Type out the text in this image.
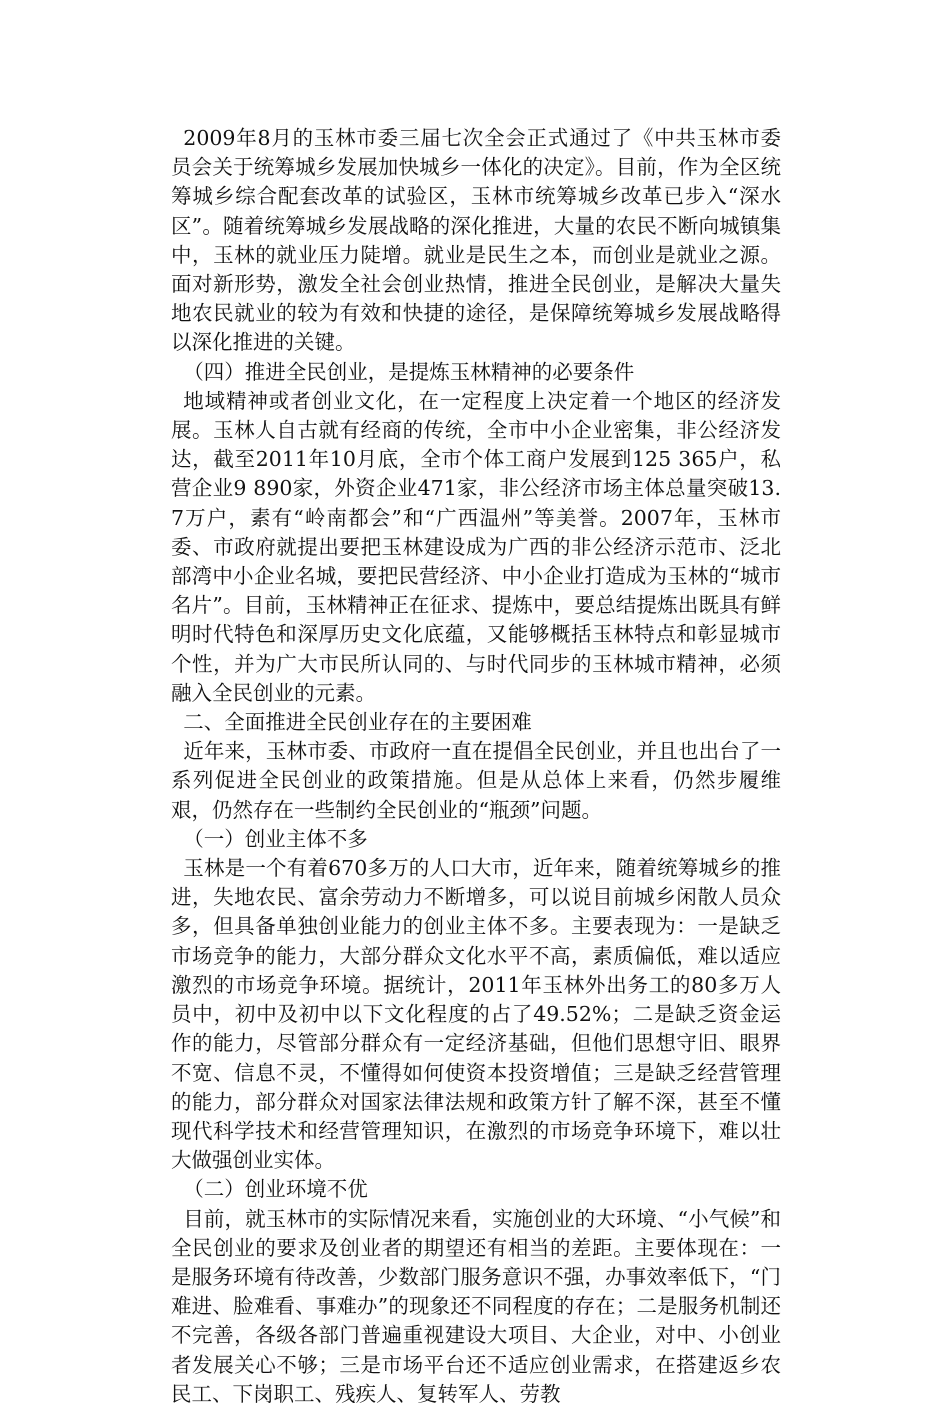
2009年8月的玉林市委三届七次全会正式通过了《中共玉林市委员会关于统筹城乡发展加快城乡一体化的决定》。目前，作为全区统筹城乡综合配套改革的试验区，玉林市统筹城乡改革已步入“深水区”。随着统筹城乡发展战略的深化推进，大量的农民不断向城镇集中，玉林的就业压力陡增。就业是民生之本，而创业是就业之源。面对新形势，激发全社会创业热情，推进全民创业，是解决大量失地农民就业的较为有效和快捷的途径，是保障统筹城乡发展战略得以深化推进的关键。

（四）推进全民创业，是提炼玉林精神的必要条件

地域精神或者创业文化，在一定程度上决定着一个地区的经济发展。玉林人自古就有经商的传统，全市中小企业密集，非公经济发达，截至2011年10月底，全市个体工商户发展到125 365户，私营企业9 890家，外资企业471家，非公经济市场主体总量突破13.7万户，素有“岭南都会”和“广西温州”等美誉。2007年，玉林市委、市政府就提出要把玉林建设成为广西的非公经济示范市、泛北部湾中小企业名城，要把民营经济、中小企业打造成为玉林的“城市名片”。目前，玉林精神正在征求、提炼中，要总结提炼出既具有鲜明时代特色和深厚历史文化底蕴，又能够概括玉林特点和彰显城市个性，并为广大市民所认同的、与时代同步的玉林城市精神，必须融入全民创业的元素。

二、全面推进全民创业存在的主要困难

近年来，玉林市委、市政府一直在提倡全民创业，并且也出台了一系列促进全民创业的政策措施。但是从总体上来看，仍然步履维艰，仍然存在一些制约全民创业的“瓶颈”问题。

（一）创业主体不多

玉林是一个有着670多万的人口大市，近年来，随着统筹城乡的推进，失地农民、富余劳动力不断增多，可以说目前城乡闲散人员众多，但具备单独创业能力的创业主体不多。主要表现为：一是缺乏市场竞争的能力，大部分群众文化水平不高，素质偏低，难以适应激烈的市场竞争环境。据统计，2011年玉林外出务工的80多万人员中，初中及初中以下文化程度的占了49.52%；二是缺乏资金运作的能力，尽管部分群众有一定经济基础，但他们思想守旧、眼界不宽、信息不灵，不懂得如何使资本投资增值；三是缺乏经营管理的能力，部分群众对国家法律法规和政策方针了解不深，甚至不懂现代科学技术和经营管理知识，在激烈的市场竞争环境下，难以壮大做强创业实体。

（二）创业环境不优

目前，就玉林市的实际情况来看，实施创业的大环境、“小气候”和全民创业的要求及创业者的期望还有相当的差距。主要体现在：一是服务环境有待改善，少数部门服务意识不强，办事效率低下，“门难进、脸难看、事难办”的现象还不同程度的存在；二是服务机制还不完善，各级各部门普遍重视建设大项目、大企业，对中、小创业者发展关心不够；三是市场平台还不适应创业需求，在搭建返乡农民工、下岗职工、残疾人、复转军人、劳教
